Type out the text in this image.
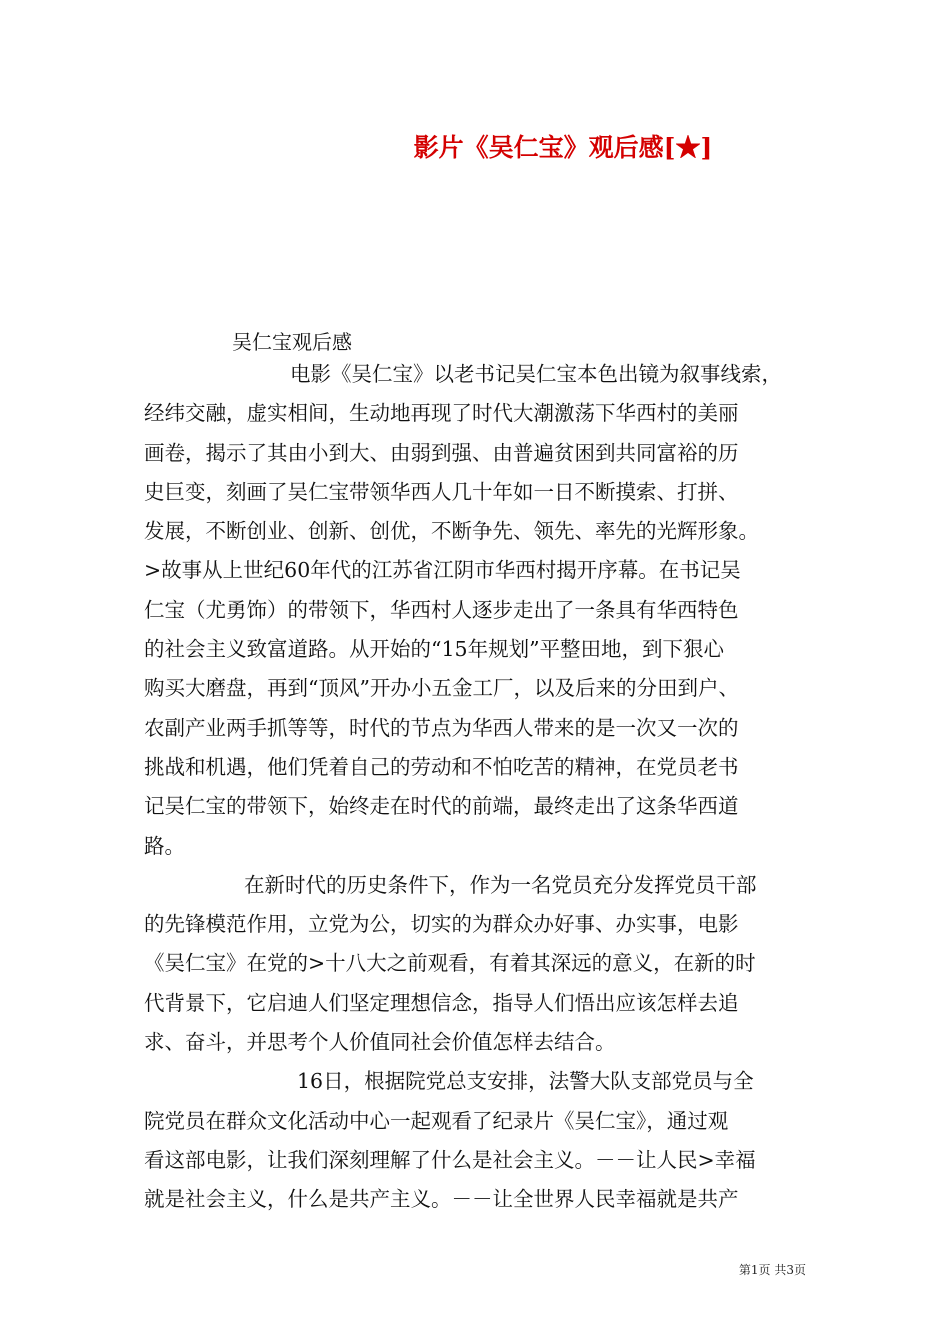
影片《吴仁宝》观后感[★]
吴仁宝观后感
电影《吴仁宝》以老书记吴仁宝本色出镜为叙事线索，
经纬交融，虚实相间，生动地再现了时代大潮激荡下华西村的美丽
画卷，揭示了其由小到大、由弱到强、由普遍贫困到共同富裕的历
史巨变，刻画了吴仁宝带领华西人几十年如一日不断摸索、打拼、
发展，不断创业、创新、创优，不断争先、领先、率先的光辉形象。
>故事从上世纪60年代的江苏省江阴市华西村揭开序幕。在书记吴
仁宝（尤勇饰）的带领下，华西村人逐步走出了一条具有华西特色
的社会主义致富道路。从开始的“15年规划”平整田地，到下狠心
购买大磨盘，再到“顶风”开办小五金工厂，以及后来的分田到户、
农副产业两手抓等等，时代的节点为华西人带来的是一次又一次的
挑战和机遇，他们凭着自己的劳动和不怕吃苦的精神，在党员老书
记吴仁宝的带领下，始终走在时代的前端，最终走出了这条华西道
路。
在新时代的历史条件下，作为一名党员充分发挥党员干部
的先锋模范作用，立党为公，切实的为群众办好事、办实事，电影
《吴仁宝》在党的>十八大之前观看，有着其深远的意义，在新的时
代背景下，它启迪人们坚定理想信念，指导人们悟出应该怎样去追
求、奋斗，并思考个人价值同社会价值怎样去结合。
16日，根据院党总支安排，法警大队支部党员与全
院党员在群众文化活动中心一起观看了纪录片《吴仁宝》，通过观
看这部电影，让我们深刻理解了什么是社会主义。－－让人民>幸福
就是社会主义，什么是共产主义。－－让全世界人民幸福就是共产
第1页 共3页
